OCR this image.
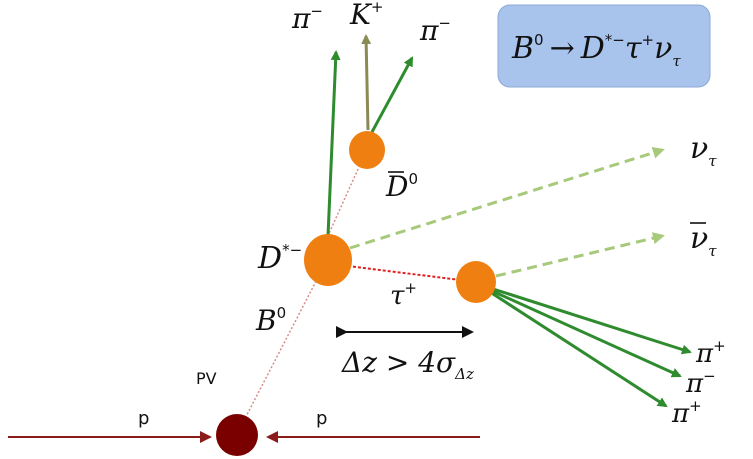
$B^0 \to D^{*-}\tau^+\nu_\tau$
π− K+
π−
$D^0$
$\nu_\tau$
$\nu_\tau$
D*−
τ+
$B^0$
$\Delta z > 4\sigma_{\Delta z}$
PV
p	p
π+
π−
π+
